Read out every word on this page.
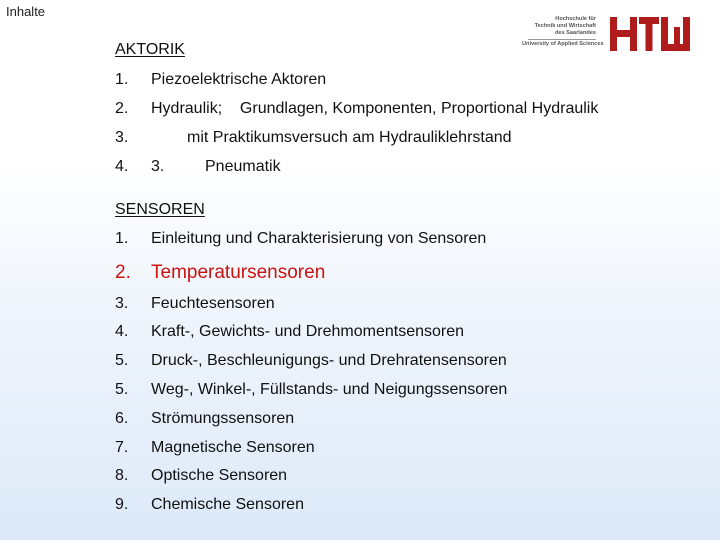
Inhalte	Hochschule für
Technik und Wirtschaft
des Saarlandes
University of Applied Sciences
AKTORIK
1. Piezoelektrische Aktoren
2. Hydraulik;    Grundlagen, Komponenten, Proportional Hydraulik
3.	mit Praktikumsversuch am Hydrauliklehrstand
4. 3.	Pneumatik
SENSOREN
1. Einleitung und Charakterisierung von Sensoren
2. Temperatursensoren
3. Feuchtesensoren
4. Kraft-, Gewichts- und Drehmomentsensoren
5. Druck-, Beschleunigungs- und Drehratensensoren
5. Weg-, Winkel-, Füllstands- und Neigungssensoren
6. Strömungssensoren
7. Magnetische Sensoren
8. Optische Sensoren
9. Chemische Sensoren
